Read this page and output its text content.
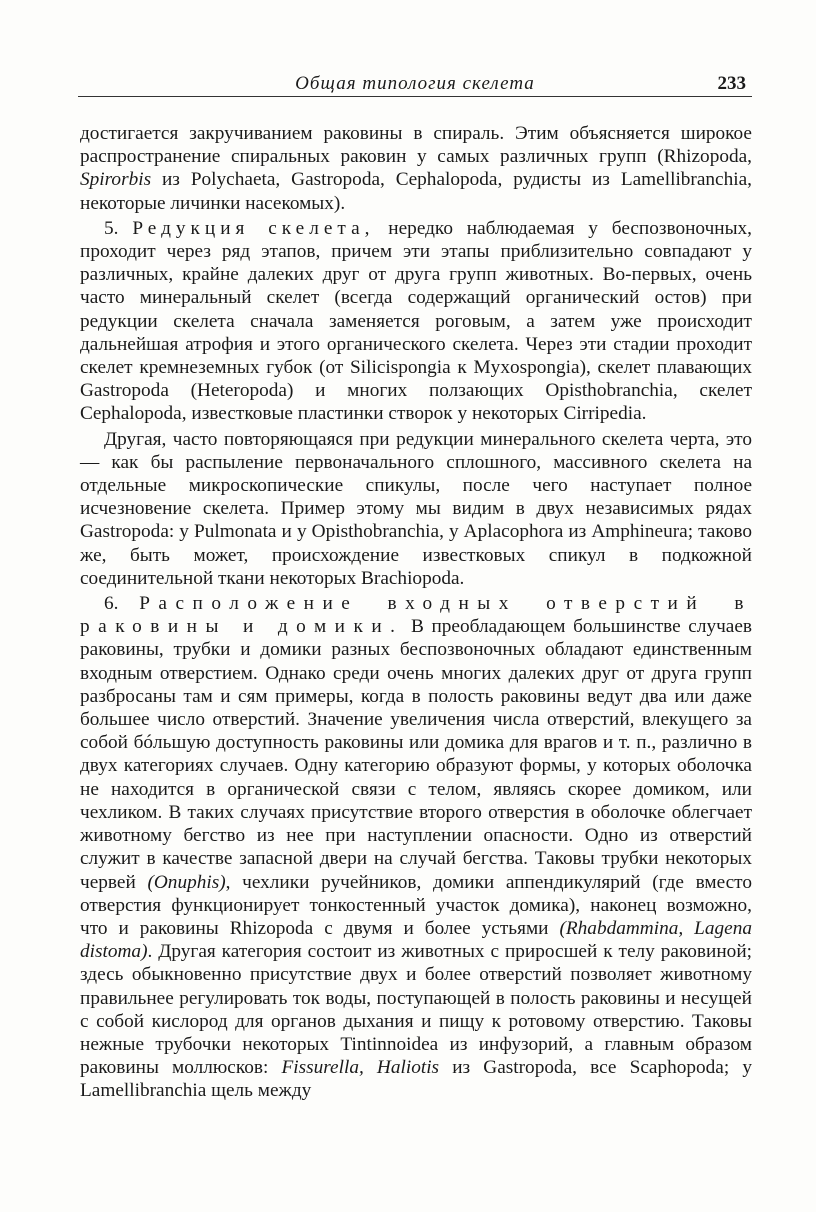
Общая типология скелета	233

достигается закручиванием раковины в спираль. Этим объясняется широкое распространение спиральных раковин у самых различных групп (Rhizopoda, Spirorbis из Polychaeta, Gastropoda, Cephalopoda, рудисты из Lamellibranchia, некоторые личинки насекомых).

5. Редукция скелета, нередко наблюдаемая у беспозвоночных, проходит через ряд этапов, причем эти этапы приблизительно совпадают у различных, крайне далеких друг от друга групп животных. Во-первых, очень часто минеральный скелет (всегда содержащий органический остов) при редукции скелета сначала заменяется роговым, а затем уже происходит дальнейшая атрофия и этого органического скелета. Через эти стадии проходит скелет кремнеземных губок (от Silicispongia к Myxospongia), скелет плавающих Gastropoda (Heteropoda) и многих ползающих Opisthobranchia, скелет Cephalopoda, известковые пластинки створок у некоторых Cirripedia.

Другая, часто повторяющаяся при редукции минерального скелета черта, это — как бы распыление первоначального сплошного, массивного скелета на отдельные микроскопические спикулы, после чего наступает полное исчезновение скелета. Пример этому мы видим в двух независимых рядах Gastropoda: у Pulmonata и у Opisthobranchia, у Aplacophora из Amphineura; таково же, быть может, происхождение известковых спикул в подкожной соединительной ткани некоторых Brachiopoda.

6. Расположение входных отверстий в раковины и домики. В преобладающем большинстве случаев раковины, трубки и домики разных беспозвоночных обладают единственным входным отверстием. Однако среди очень многих далеких друг от друга групп разбросаны там и сям примеры, когда в полость раковины ведут два или даже большее число отверстий. Значение увеличения числа отверстий, влекущего за собой бóльшую доступность раковины или домика для врагов и т. п., различно в двух категориях случаев. Одну категорию образуют формы, у которых оболочка не находится в органической связи с телом, являясь скорее домиком, или чехликом. В таких случаях присутствие второго отверстия в оболочке облегчает животному бегство из нее при наступлении опасности. Одно из отверстий служит в качестве запасной двери на случай бегства. Таковы трубки некоторых червей (Onuphis), чехлики ручейников, домики аппендикулярий (где вместо отверстия функционирует тонкостенный участок домика), наконец возможно, что и раковины Rhizopoda с двумя и более устьями (Rhabdammina, Lagena distoma). Другая категория состоит из животных с приросшей к телу раковиной; здесь обыкновенно присутствие двух и более отверстий позволяет животному правильнее регулировать ток воды, поступающей в полость раковины и несущей с собой кислород для органов дыхания и пищу к ротовому отверстию. Таковы нежные трубочки некоторых Tintinnoidea из инфузорий, а главным образом раковины моллюсков: Fissurella, Haliotis из Gastropoda, все Scaphopoda; у Lamellibranchia щель между
